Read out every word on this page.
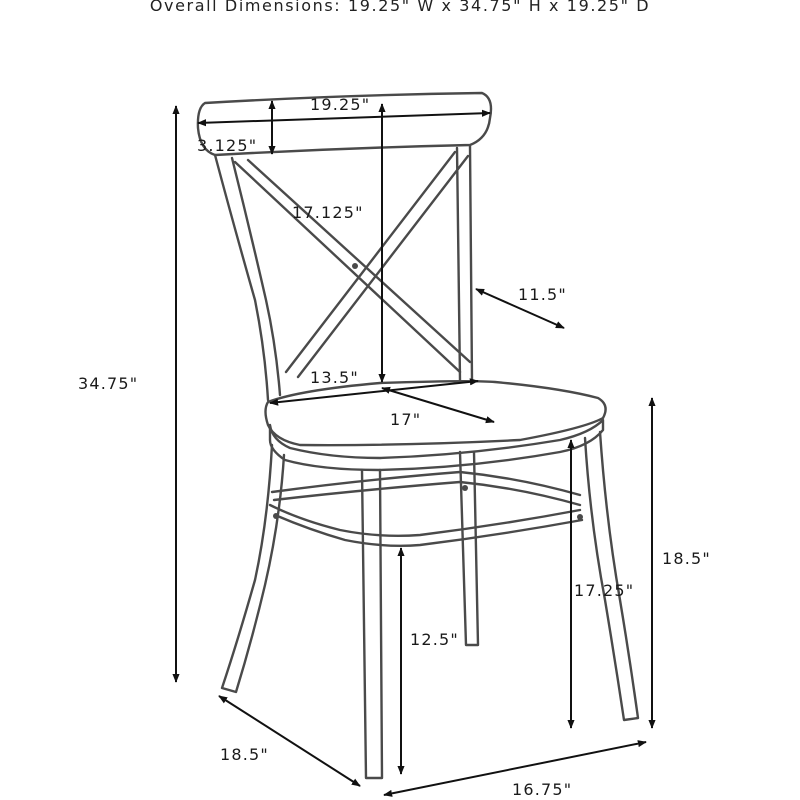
Overall Dimensions: 19.25" W x 34.75" H x 19.25" D
19.25"
3.125"
17.125"
11.5"
34.75"	13.5"
17"
18.5"
17.25"
12.5"
18.5"
16.75"
